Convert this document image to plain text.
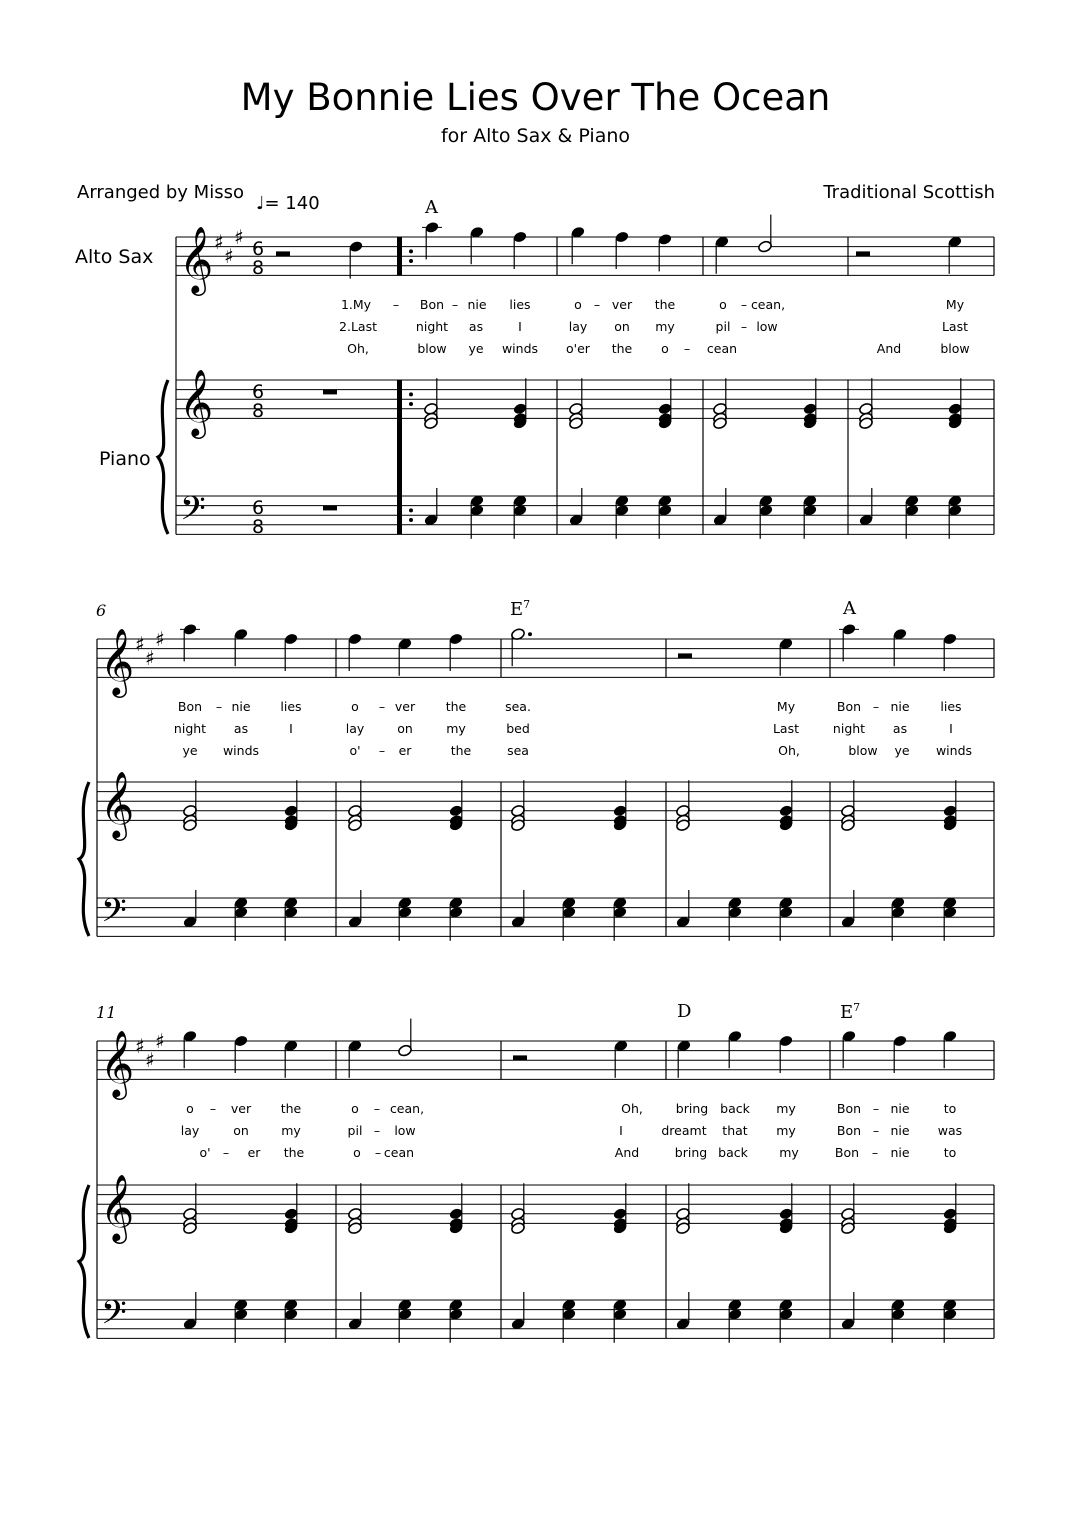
My Bonnie Lies Over The Ocean
for Alto Sax & Piano
Arranged by Misso	Traditional Scottish
♩= 140
Alto Sax
Piano
6
11
A
$E^7$	A
D	$E^7$
1.My	–	Bon – nie	lies	o – ver	the	o	– cean,	My
2.Last	night	as	I	lay	on	my	pil – low	Last
Oh,	blow	ye	winds	o'er	the	o	–	cean	And	blow
Bon	– nie	lies	o	– ver	the	sea.	My	Bon – nie	lies
night	as	I	lay	on	my	bed	Last	night	as	I
ye	winds	o'	–	er	the	sea	Oh,	blow	ye	winds
o	–	ver	the	o	– cean,	Oh,	bring back	my	Bon – nie	to
lay	on	my	pil –	low	I	dreamt	that	my	Bon – nie	was
o' –	er	the	o	– cean	And	bring back	my	Bon	– nie	to
𝄞
𝄞
𝄢
♯
♯
♯
𝄞
𝄞
𝄢
♯
♯
♯
𝄞
𝄞
𝄢
♯
♯
♯
6
8
6
8
6
8
